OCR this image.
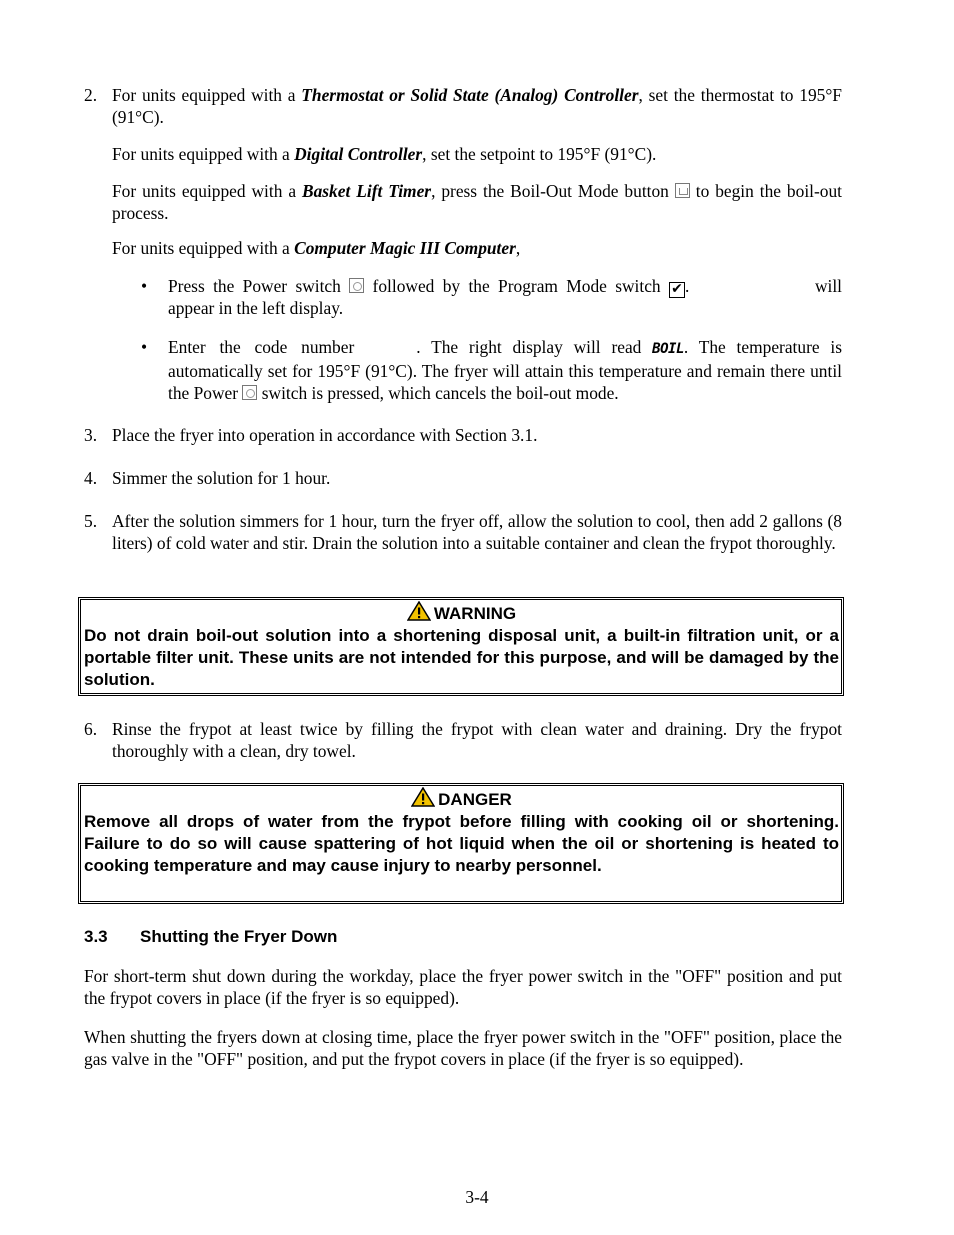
2. For units equipped with a Thermostat or Solid State (Analog) Controller, set the thermostat to 195°F (91°C).
For units equipped with a Digital Controller, set the setpoint to 195°F (91°C).
For units equipped with a Basket Lift Timer, press the Boil-Out Mode button
to begin the boil-out process.
For units equipped with a Computer Magic III Computer,
• Press the Power switch
followed by the Program Mode switch ✔ .	will
appear in the left display.
• Enter the code number	. The right display will read BOIL. The temperature is automatically set for 195°F (91°C). The fryer will attain this temperature and remain there until the Power
switch is pressed, which cancels the boil-out mode.
3. Place the fryer into operation in accordance with Section 3.1.
4. Simmer the solution for 1 hour.
5. After the solution simmers for 1 hour, turn the fryer off, allow the solution to cool, then add 2 gallons (8 liters) of cold water and stir. Drain the solution into a suitable container and clean the frypot thoroughly.
WARNING
Do not drain boil-out solution into a shortening disposal unit, a built-in filtration unit, or a portable filter unit. These units are not intended for this purpose, and will be damaged by the solution.
6. Rinse the frypot at least twice by filling the frypot with clean water and draining. Dry the frypot thoroughly with a clean, dry towel.
DANGER
Remove all drops of water from the frypot before filling with cooking oil or shortening. Failure to do so will cause spattering of hot liquid when the oil or shortening is heated to cooking temperature and may cause injury to nearby personnel.
3.3 Shutting the Fryer Down
For short-term shut down during the workday, place the fryer power switch in the "OFF" position and put the frypot covers in place (if the fryer is so equipped).
When shutting the fryers down at closing time, place the fryer power switch in the "OFF" position, place the gas valve in the "OFF" position, and put the frypot covers in place (if the fryer is so equipped).
3-4
